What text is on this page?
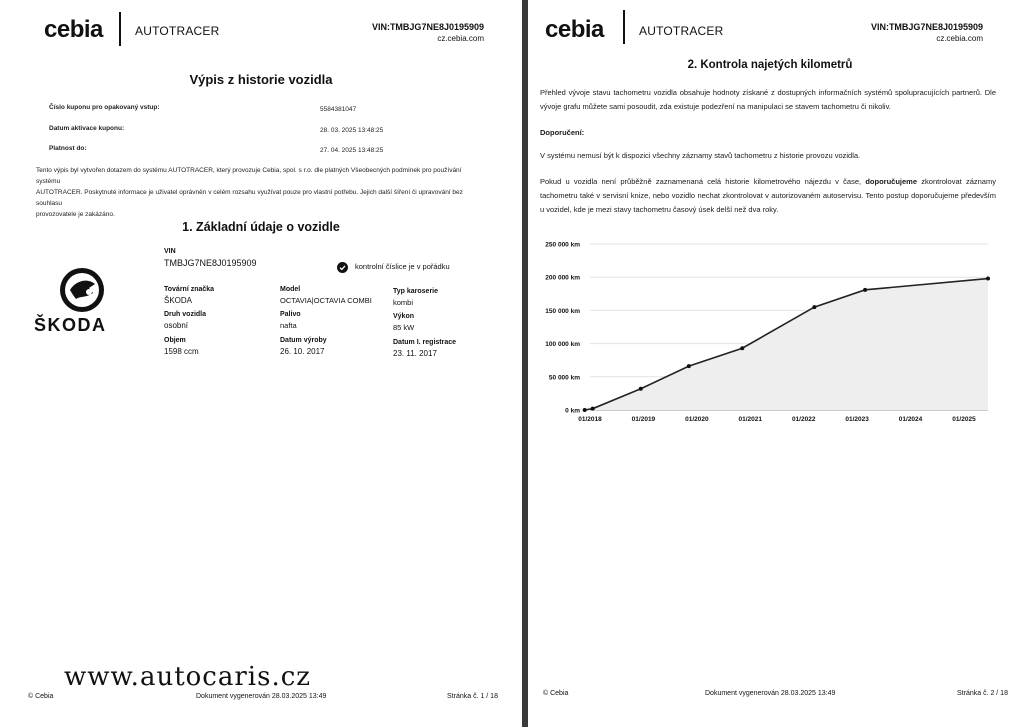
cebia	AUTOTRACER	VIN:TMBJG7NE8J0195909
cz.cebia.com
Výpis z historie vozidla
Číslo kuponu pro opakovaný vstup:	5584381047
Datum aktivace kuponu:	28. 03. 2025 13:48:25
Platnost do:	27. 04. 2025 13:48:25
Tento výpis byl vytvořen dotazem do systému AUTOTRACER, který provozuje Cebia, spol. s r.o. dle platných Všeobecných podmínek pro používání systému
AUTOTRACER. Poskytnuté informace je uživatel oprávněn v celém rozsahu využívat pouze pro vlastní potřebu. Jejich další šíření či upravování bez souhlasu
provozovatele je zakázáno.
1. Základní údaje o vozidle
ŠKODA
VIN
TMBJG7NE8J0195909	kontrolní číslice je v pořádku
Tovární značka
ŠKODA
Model
OCTAVIA|OCTAVIA COMBI
Typ karoserie
kombi
Druh vozidla
osobní
Palivo
nafta
Výkon
85 kW
Objem
1598 ccm
Datum výroby
26. 10. 2017
Datum I. registrace
23. 11. 2017
www.autocaris.cz
© Cebia	Dokument vygenerován 28.03.2025 13:49	Stránka č. 1 / 18
cebia	AUTOTRACER	VIN:TMBJG7NE8J0195909
cz.cebia.com
2. Kontrola najetých kilometrů
Přehled vývoje stavu tachometru vozidla obsahuje hodnoty získané z dostupných informačních systémů spolupracujících partnerů. Dle vývoje grafu můžete sami posoudit, zda existuje podezření na manipulaci se stavem tachometru či nikoliv.
Doporučení:
V systému nemusí být k dispozici všechny záznamy stavů tachometru z historie provozu vozidla.
Pokud u vozidla není průběžně zaznamenaná celá historie kilometrového nájezdu v čase, doporučujeme zkontrolovat záznamy tachometru také v servisní knize, nebo vozidlo nechat zkontrolovat v autorizovaném autoservisu. Tento postup doporučujeme především u vozidel, kde je mezi stavy tachometru časový úsek delší než dva roky.
0 km
50 000 km
100 000 km
150 000 km
200 000 km
250 000 km
01/2018	01/2019	01/2020	01/2021	01/2022	01/2023	01/2024	01/2025
© Cebia	Dokument vygenerován 28.03.2025 13:49	Stránka č. 2 / 18
